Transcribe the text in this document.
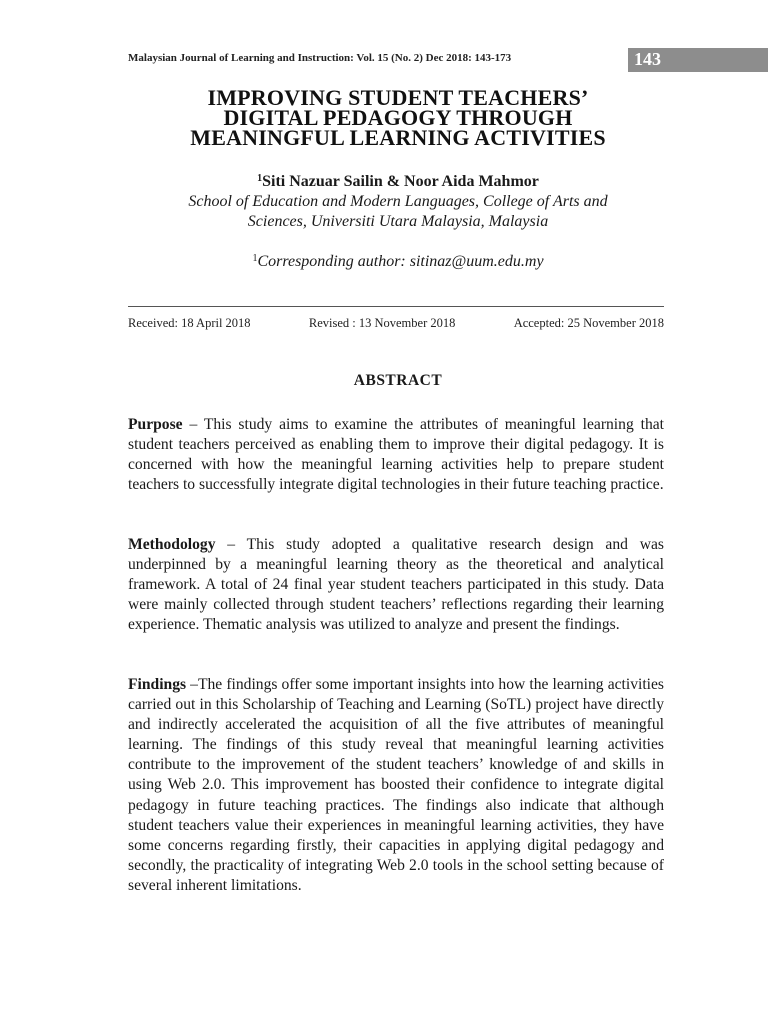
Malaysian Journal of Learning and Instruction: Vol. 15 (No. 2) Dec 2018: 143-173	143
IMPROVING STUDENT TEACHERS’
DIGITAL PEDAGOGY THROUGH
MEANINGFUL LEARNING ACTIVITIES
$^1$Siti Nazuar Sailin & Noor Aida Mahmor
School of Education and Modern Languages, College of Arts and
Sciences, Universiti Utara Malaysia, Malaysia
$^1$Corresponding author: sitinaz@uum.edu.my
Received: 18 April 2018	Revised : 13 November 2018	Accepted: 25 November 2018
ABSTRACT

Purpose – This study aims to examine the attributes of meaningful learning that student teachers perceived as enabling them to improve their digital pedagogy. It is concerned with how the meaningful learning activities help to prepare student teachers to successfully integrate digital technologies in their future teaching practice.

Methodology – This study adopted a qualitative research design and was underpinned by a meaningful learning theory as the theoretical and analytical framework. A total of 24 final year student teachers participated in this study. Data were mainly collected through student teachers’ reflections regarding their learning experience. Thematic analysis was utilized to analyze and present the findings.

Findings –The findings offer some important insights into how the learning activities carried out in this Scholarship of Teaching and Learning (SoTL) project have directly and indirectly accelerated the acquisition of all the five attributes of meaningful learning. The findings of this study reveal that meaningful learning activities contribute to the improvement of the student teachers’ knowledge of and skills in using Web 2.0. This improvement has boosted their confidence to integrate digital pedagogy in future teaching practices. The findings also indicate that although student teachers value their experiences in meaningful learning activities, they have some concerns regarding firstly, their capacities in applying digital pedagogy and secondly, the practicality of integrating Web 2.0 tools in the school setting because of several inherent limitations.
